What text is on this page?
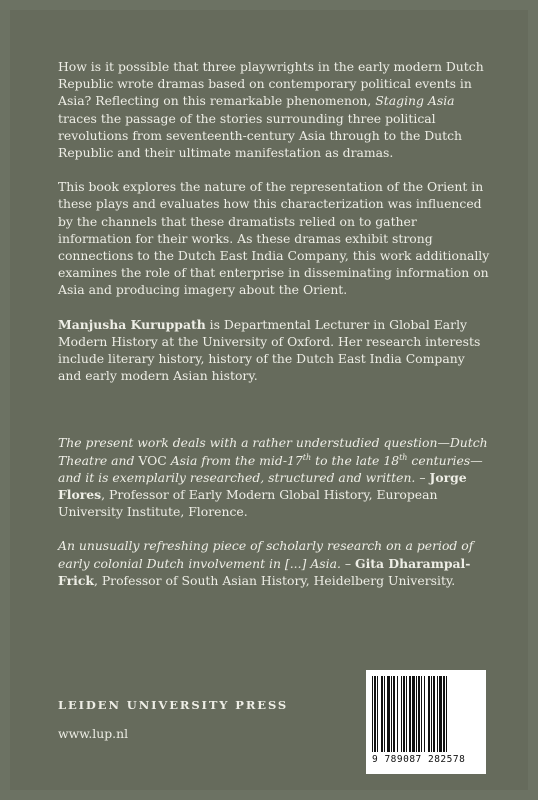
How is it possible that three playwrights in the early modern Dutch Republic wrote dramas based on contemporary political events in Asia? Reflecting on this remarkable phenomenon, Staging Asia traces the passage of the stories surrounding three political revolutions from seventeenth-century Asia through to the Dutch Republic and their ultimate manifestation as dramas.

This book explores the nature of the representation of the Orient in these plays and evaluates how this characterization was influenced by the channels that these dramatists relied on to gather information for their works. As these dramas exhibit strong connections to the Dutch East India Company, this work additionally examines the role of that enterprise in disseminating information on Asia and producing imagery about the Orient.

Manjusha Kuruppath is Departmental Lecturer in Global Early Modern History at the University of Oxford. Her research interests include literary history, history of the Dutch East India Company and early modern Asian history.

The present work deals with a rather understudied question—Dutch Theatre and VOC Asia from the mid-17th to the late 18th centuries—and it is exemplarily researched, structured and written. – Jorge Flores, Professor of Early Modern Global History, European University Institute, Florence.

An unusually refreshing piece of scholarly research on a period of early colonial Dutch involvement in [...] Asia. – Gita Dharampal-Frick, Professor of South Asian History, Heidelberg University.

LEIDEN UNIVERSITY PRESS
www.lup.nl
9 789087 282578
